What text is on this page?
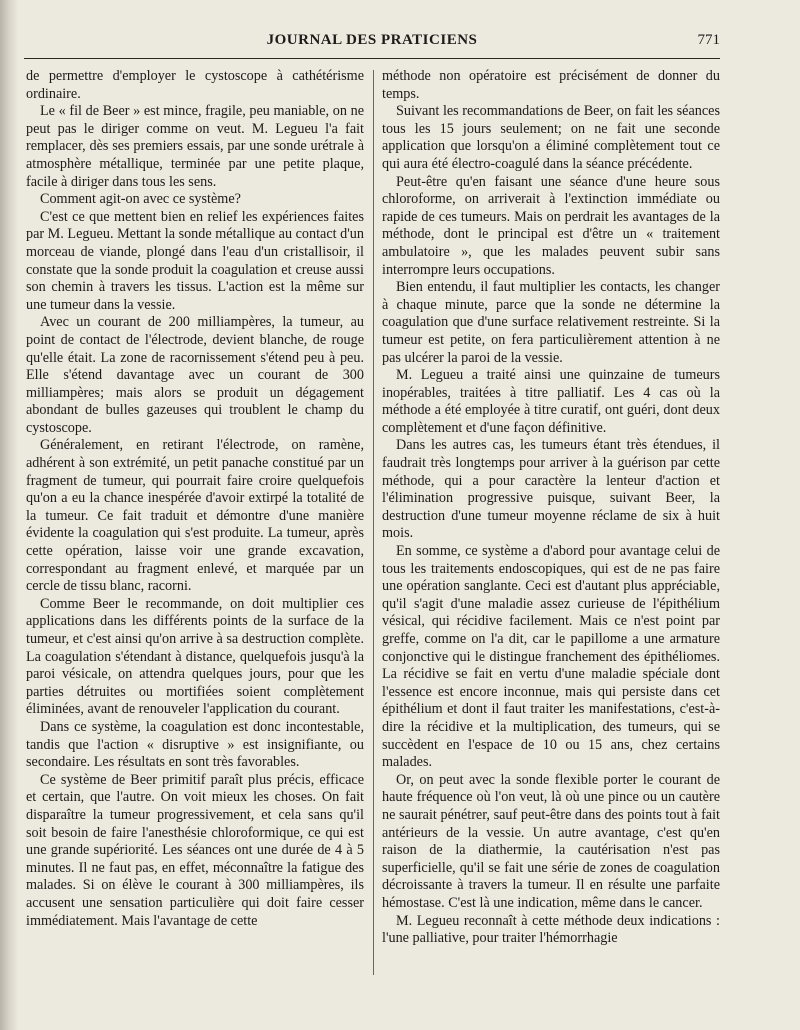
JOURNAL DES PRATICIENS	771

de permettre d'employer le cystoscope à cathétérisme ordinaire.

Le « fil de Beer » est mince, fragile, peu maniable, on ne peut pas le diriger comme on veut. M. Legueu l'a fait remplacer, dès ses premiers essais, par une sonde urétrale à atmosphère métallique, terminée par une petite plaque, facile à diriger dans tous les sens.

Comment agit-on avec ce système?

C'est ce que mettent bien en relief les expériences faites par M. Legueu. Mettant la sonde métallique au contact d'un morceau de viande, plongé dans l'eau d'un cristallisoir, il constate que la sonde produit la coagulation et creuse aussi son chemin à travers les tissus. L'action est la même sur une tumeur dans la vessie.

Avec un courant de 200 milliampères, la tumeur, au point de contact de l'électrode, devient blanche, de rouge qu'elle était. La zone de racornissement s'étend peu à peu. Elle s'étend davantage avec un courant de 300 milliampères; mais alors se produit un dégagement abondant de bulles gazeuses qui troublent le champ du cystoscope.

Généralement, en retirant l'électrode, on ramène, adhérent à son extrémité, un petit panache constitué par un fragment de tumeur, qui pourrait faire croire quelquefois qu'on a eu la chance inespérée d'avoir extirpé la totalité de la tumeur. Ce fait traduit et démontre d'une manière évidente la coagulation qui s'est produite. La tumeur, après cette opération, laisse voir une grande excavation, correspondant au fragment enlevé, et marquée par un cercle de tissu blanc, racorni.

Comme Beer le recommande, on doit multiplier ces applications dans les différents points de la surface de la tumeur, et c'est ainsi qu'on arrive à sa destruction complète. La coagulation s'étendant à distance, quelquefois jusqu'à la paroi vésicale, on attendra quelques jours, pour que les parties détruites ou mortifiées soient complètement éliminées, avant de renouveler l'application du courant.

Dans ce système, la coagulation est donc incontestable, tandis que l'action « disruptive » est insignifiante, ou secondaire. Les résultats en sont très favorables.

Ce système de Beer primitif paraît plus précis, efficace et certain, que l'autre. On voit mieux les choses. On fait disparaître la tumeur progressivement, et cela sans qu'il soit besoin de faire l'anesthésie chloroformique, ce qui est une grande supériorité. Les séances ont une durée de 4 à 5 minutes. Il ne faut pas, en effet, méconnaître la fatigue des malades. Si on élève le courant à 300 milliampères, ils accusent une sensation particulière qui doit faire cesser immédiatement. Mais l'avantage de cette

méthode non opératoire est précisément de donner du temps.

Suivant les recommandations de Beer, on fait les séances tous les 15 jours seulement; on ne fait une seconde application que lorsqu'on a éliminé complètement tout ce qui aura été électro-coagulé dans la séance précédente.

Peut-être qu'en faisant une séance d'une heure sous chloroforme, on arriverait à l'extinction immédiate ou rapide de ces tumeurs. Mais on perdrait les avantages de la méthode, dont le principal est d'être un « traitement ambulatoire », que les malades peuvent subir sans interrompre leurs occupations.

Bien entendu, il faut multiplier les contacts, les changer à chaque minute, parce que la sonde ne détermine la coagulation que d'une surface relativement restreinte. Si la tumeur est petite, on fera particulièrement attention à ne pas ulcérer la paroi de la vessie.

M. Legueu a traité ainsi une quinzaine de tumeurs inopérables, traitées à titre palliatif. Les 4 cas où la méthode a été employée à titre curatif, ont guéri, dont deux complètement et d'une façon définitive.

Dans les autres cas, les tumeurs étant très étendues, il faudrait très longtemps pour arriver à la guérison par cette méthode, qui a pour caractère la lenteur d'action et l'élimination progressive puisque, suivant Beer, la destruction d'une tumeur moyenne réclame de six à huit mois.

En somme, ce système a d'abord pour avantage celui de tous les traitements endoscopiques, qui est de ne pas faire une opération sanglante. Ceci est d'autant plus appréciable, qu'il s'agit d'une maladie assez curieuse de l'épithélium vésical, qui récidive facilement. Mais ce n'est point par greffe, comme on l'a dit, car le papillome a une armature conjonctive qui le distingue franchement des épithéliomes. La récidive se fait en vertu d'une maladie spéciale dont l'essence est encore inconnue, mais qui persiste dans cet épithélium et dont il faut traiter les manifestations, c'est-à-dire la récidive et la multiplication, des tumeurs, qui se succèdent en l'espace de 10 ou 15 ans, chez certains malades.

Or, on peut avec la sonde flexible porter le courant de haute fréquence où l'on veut, là où une pince ou un cautère ne saurait pénétrer, sauf peut-être dans des points tout à fait antérieurs de la vessie. Un autre avantage, c'est qu'en raison de la diathermie, la cautérisation n'est pas superficielle, qu'il se fait une série de zones de coagulation décroissante à travers la tumeur. Il en résulte une parfaite hémostase. C'est là une indication, même dans le cancer.

M. Legueu reconnaît à cette méthode deux indications : l'une palliative, pour traiter l'hémorrhagie
